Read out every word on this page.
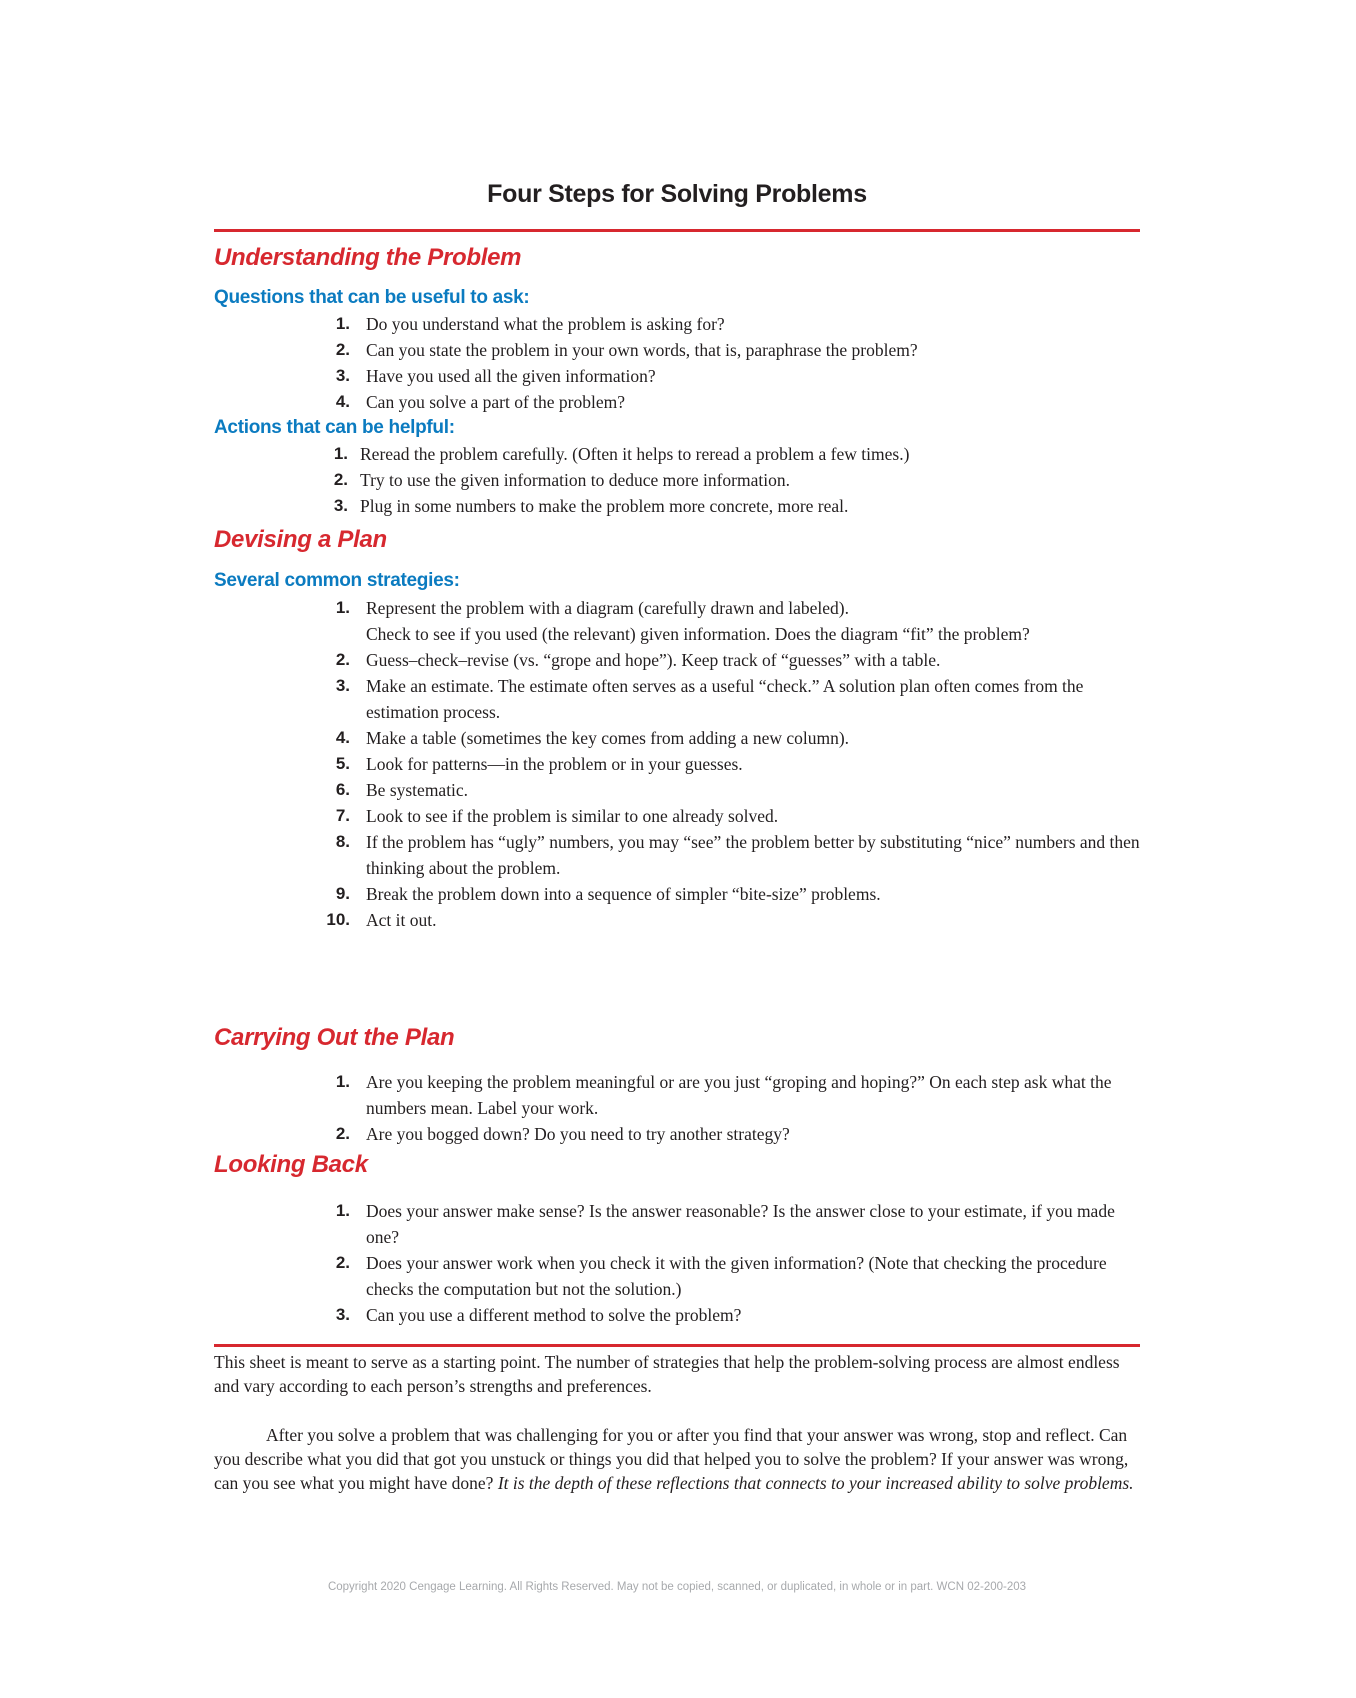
Four Steps for Solving Problems
Understanding the Problem
Questions that can be useful to ask:
1. Do you understand what the problem is asking for?
2. Can you state the problem in your own words, that is, paraphrase the problem?
3. Have you used all the given information?
4. Can you solve a part of the problem?
Actions that can be helpful:
1. Reread the problem carefully. (Often it helps to reread a problem a few times.)
2. Try to use the given information to deduce more information.
3. Plug in some numbers to make the problem more concrete, more real.
Devising a Plan
Several common strategies:
1. Represent the problem with a diagram (carefully drawn and labeled).
Check to see if you used (the relevant) given information. Does the diagram “fit” the problem?
2. Guess–check–revise (vs. “grope and hope”). Keep track of “guesses” with a table.
3. Make an estimate. The estimate often serves as a useful “check.” A solution plan often comes from the estimation process.
4. Make a table (sometimes the key comes from adding a new column).
5. Look for patterns—in the problem or in your guesses.
6. Be systematic.
7. Look to see if the problem is similar to one already solved.
8. If the problem has “ugly” numbers, you may “see” the problem better by substituting “nice” numbers and then thinking about the problem.
9. Break the problem down into a sequence of simpler “bite-size” problems.
10. Act it out.
Carrying Out the Plan
1. Are you keeping the problem meaningful or are you just “groping and hoping?” On each step ask what the numbers mean. Label your work.
2. Are you bogged down? Do you need to try another strategy?
Looking Back
1. Does your answer make sense? Is the answer reasonable? Is the answer close to your estimate, if you made one?
2. Does your answer work when you check it with the given information? (Note that checking the procedure checks the computation but not the solution.)
3. Can you use a different method to solve the problem?

This sheet is meant to serve as a starting point. The number of strategies that help the problem-solving process are almost endless and vary according to each person’s strengths and preferences.

After you solve a problem that was challenging for you or after you find that your answer was wrong, stop and reflect. Can you describe what you did that got you unstuck or things you did that helped you to solve the problem? If your answer was wrong, can you see what you might have done? It is the depth of these reflections that connects to your increased ability to solve problems.

Copyright 2020 Cengage Learning. All Rights Reserved. May not be copied, scanned, or duplicated, in whole or in part. WCN 02-200-203
